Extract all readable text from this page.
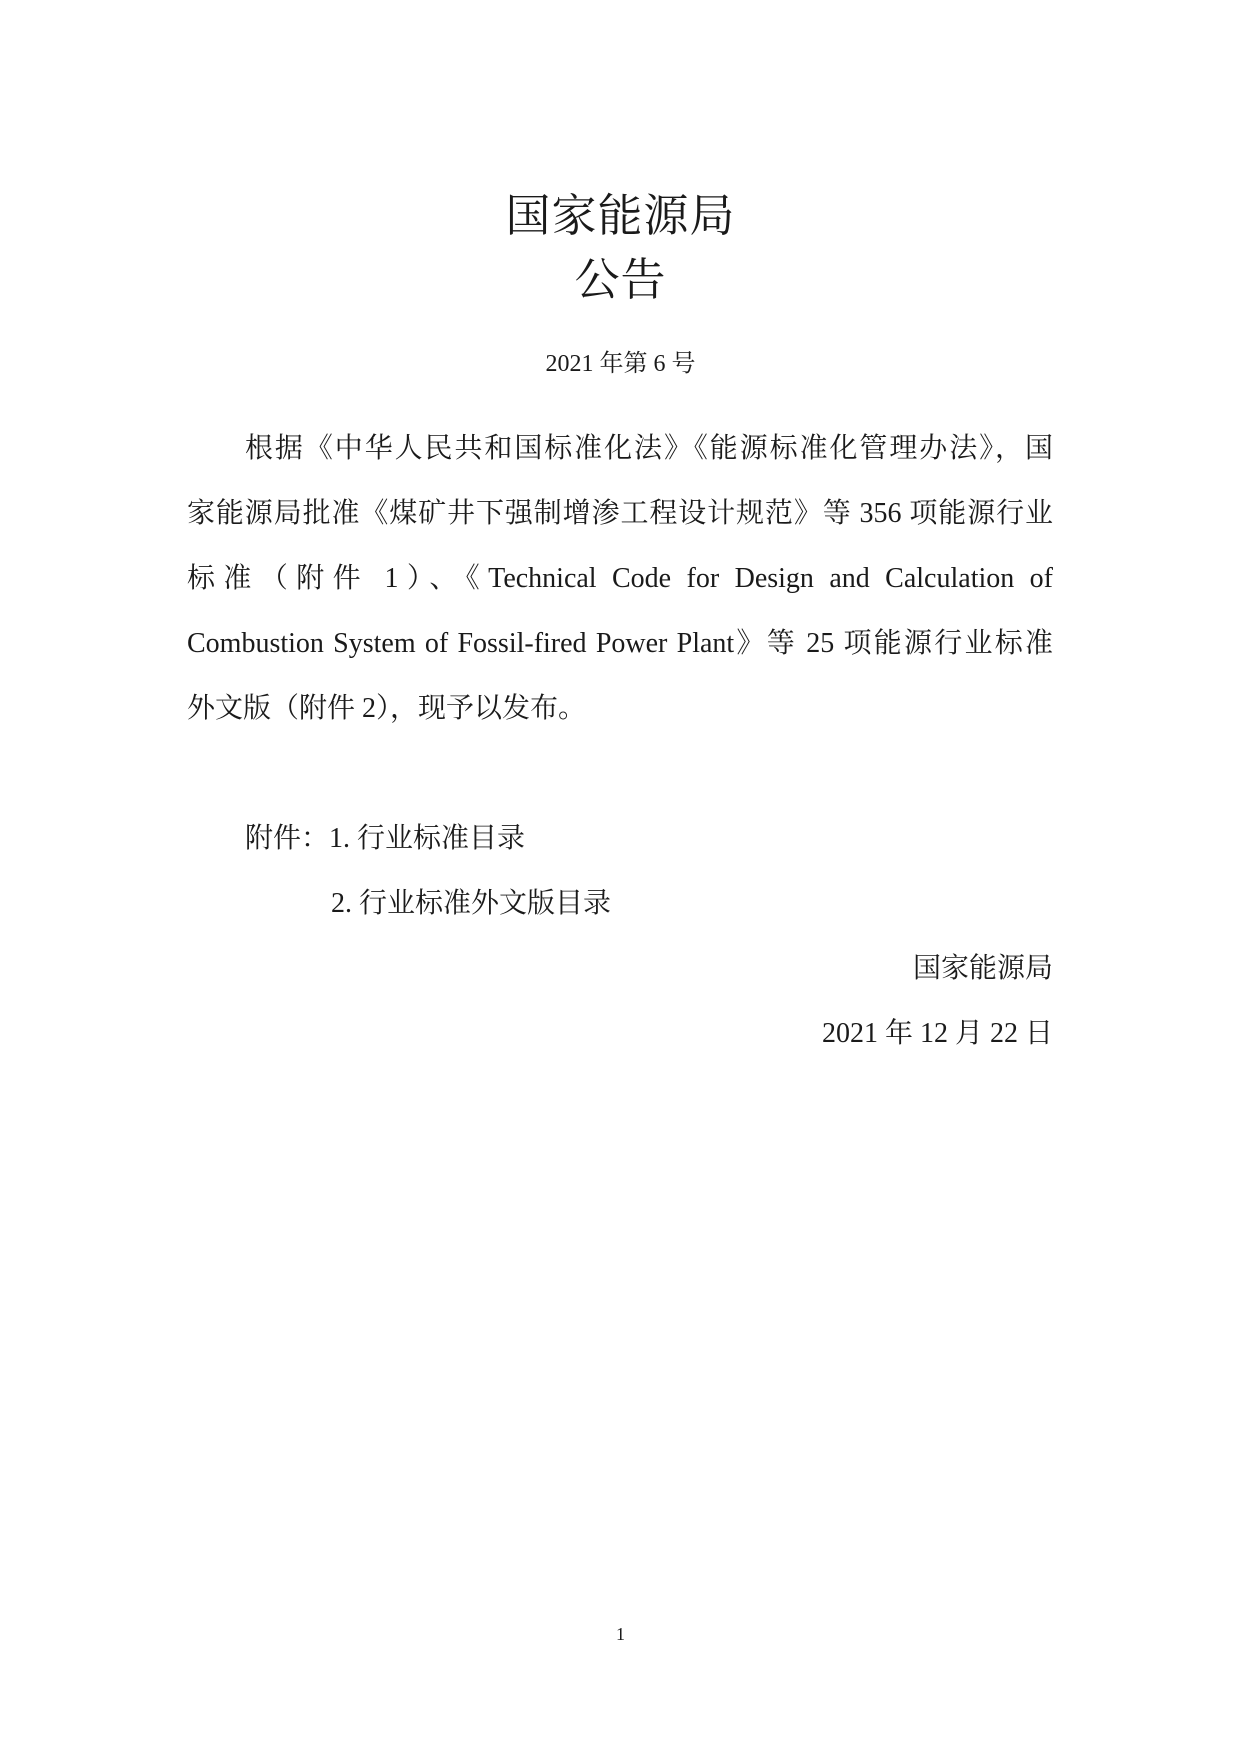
国家能源局
公告
2021 年第 6 号
根据《中华人民共和国标准化法》《能源标准化管理办法》，国
家能源局批准《煤矿井下强制增渗工程设计规范》等 356 项能源行业
标准（附件 1）、《Technical Code for Design and Calculation of
Combustion System of Fossil-fired Power Plant》等 25 项能源行业标准
外文版（附件 2），现予以发布。
附件：1. 行业标准目录
2. 行业标准外文版目录
国家能源局
2021 年 12 月 22 日
1
